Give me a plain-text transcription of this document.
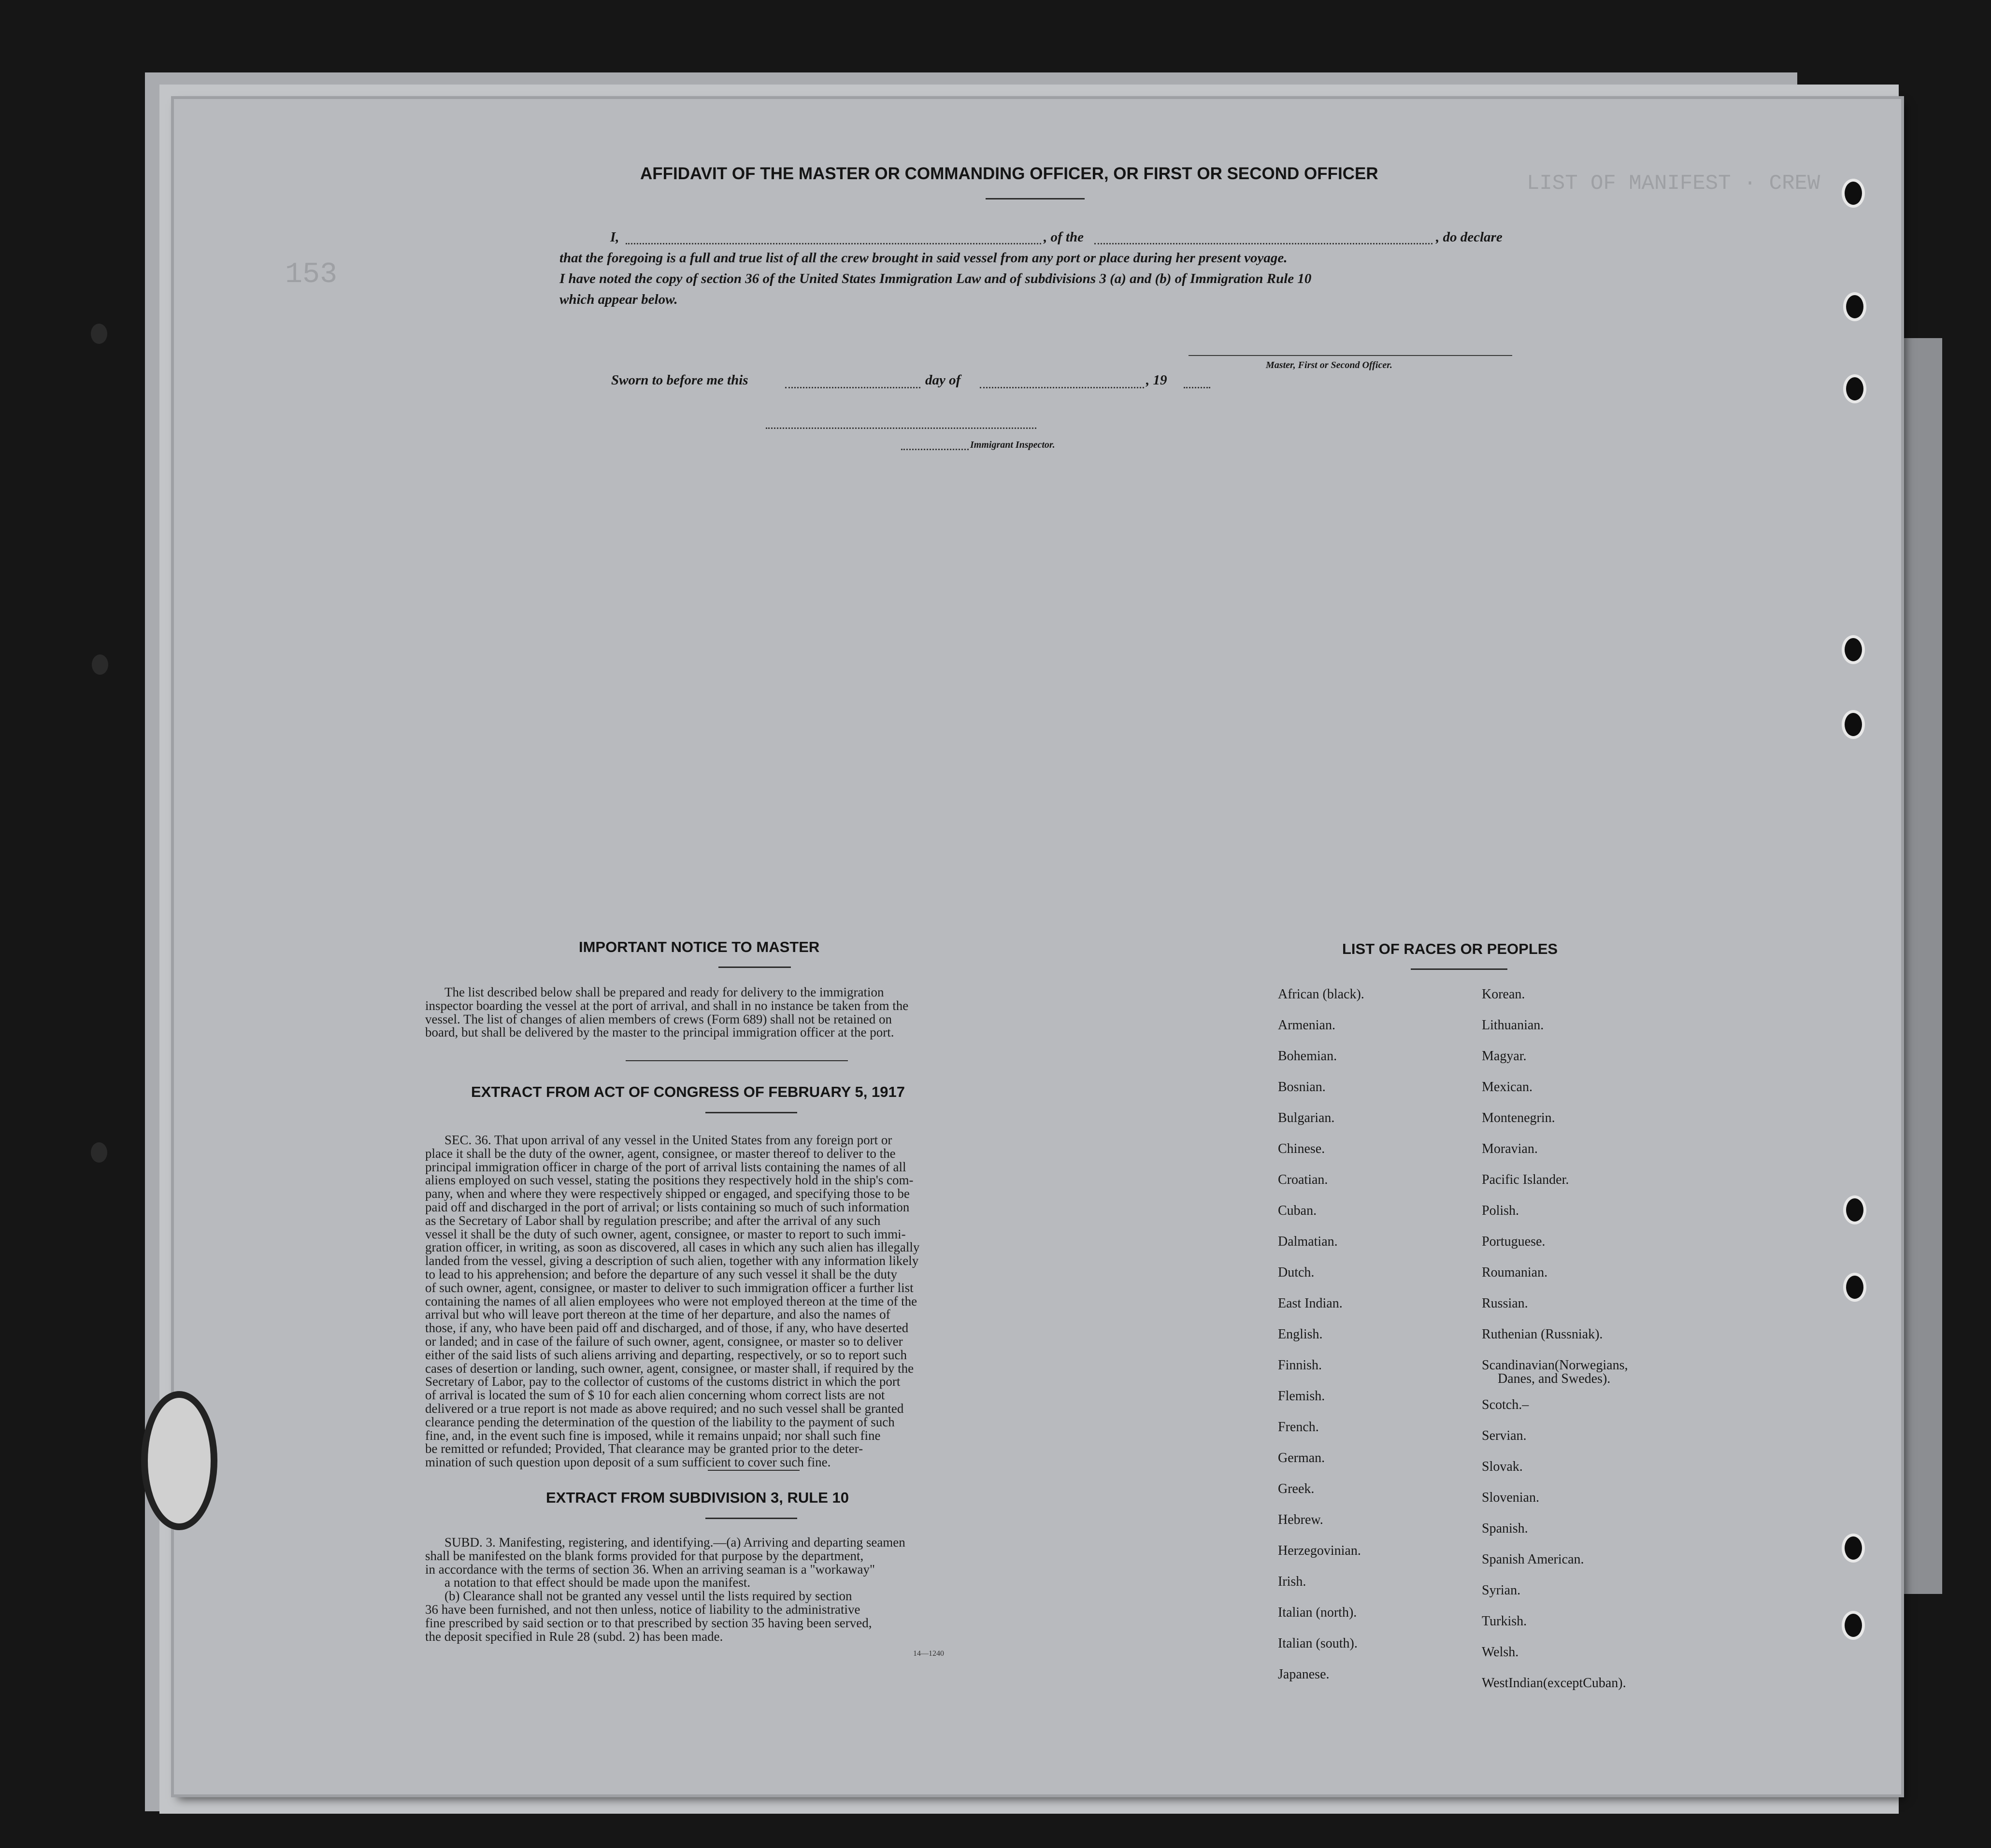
LIST OF MANIFEST · CREW
153
AFFIDAVIT OF THE MASTER OR COMMANDING OFFICER, OR FIRST OR SECOND OFFICER
I,	, of the	, do declare
that the foregoing is a full and true list of all the crew brought in said vessel from any port or place during her present voyage.
I have noted the copy of section 36 of the United States Immigration Law and of subdivisions 3 (a) and (b) of Immigration Rule 10
which appear below.
Master, First or Second Officer.
Sworn to before me this	day of	, 19
Immigrant Inspector.
IMPORTANT NOTICE TO MASTER
The list described below shall be prepared and ready for delivery to the immigration
inspector boarding the vessel at the port of arrival, and shall in no instance be taken from the
vessel. The list of changes of alien members of crews (Form 689) shall not be retained on
board, but shall be delivered by the master to the principal immigration officer at the port.
EXTRACT FROM ACT OF CONGRESS OF FEBRUARY 5, 1917
SEC. 36. That upon arrival of any vessel in the United States from any foreign port or
place it shall be the duty of the owner, agent, consignee, or master thereof to deliver to the
principal immigration officer in charge of the port of arrival lists containing the names of all
aliens employed on such vessel, stating the positions they respectively hold in the ship's com-
pany, when and where they were respectively shipped or engaged, and specifying those to be
paid off and discharged in the port of arrival; or lists containing so much of such information
as the Secretary of Labor shall by regulation prescribe; and after the arrival of any such
vessel it shall be the duty of such owner, agent, consignee, or master to report to such immi-
gration officer, in writing, as soon as discovered, all cases in which any such alien has illegally
landed from the vessel, giving a description of such alien, together with any information likely
to lead to his apprehension; and before the departure of any such vessel it shall be the duty
of such owner, agent, consignee, or master to deliver to such immigration officer a further list
containing the names of all alien employees who were not employed thereon at the time of the
arrival but who will leave port thereon at the time of her departure, and also the names of
those, if any, who have been paid off and discharged, and of those, if any, who have deserted
or landed; and in case of the failure of such owner, agent, consignee, or master so to deliver
either of the said lists of such aliens arriving and departing, respectively, or so to report such
cases of desertion or landing, such owner, agent, consignee, or master shall, if required by the
Secretary of Labor, pay to the collector of customs of the customs district in which the port
of arrival is located the sum of $ 10 for each alien concerning whom correct lists are not
delivered or a true report is not made as above required; and no such vessel shall be granted
clearance pending the determination of the question of the liability to the payment of such
fine, and, in the event such fine is imposed, while it remains unpaid; nor shall such fine
be remitted or refunded; Provided, That clearance may be granted prior to the deter-
mination of such question upon deposit of a sum sufficient to cover such fine.
EXTRACT FROM SUBDIVISION 3, RULE 10
SUBD. 3. Manifesting, registering, and identifying.—(a) Arriving and departing seamen
shall be manifested on the blank forms provided for that purpose by the department,
in accordance with the terms of section 36. When an arriving seaman is a "workaway"
a notation to that effect should be made upon the manifest.
(b) Clearance shall not be granted any vessel until the lists required by section
36 have been furnished, and not then unless, notice of liability to the administrative
fine prescribed by said section or to that prescribed by section 35 having been served,
the deposit specified in Rule 28 (subd. 2) has been made.
14—1240
LIST OF RACES OR PEOPLES
African (black).
Armenian.
Bohemian.
Bosnian.
Bulgarian.
Chinese.
Croatian.
Cuban.
Dalmatian.
Dutch.
East Indian.
English.
Finnish.
Flemish.
French.
German.
Greek.
Hebrew.
Herzegovinian.
Irish.
Italian (north).
Italian (south).
Japanese.
Korean.
Lithuanian.
Magyar.
Mexican.
Montenegrin.
Moravian.
Pacific Islander.
Polish.
Portuguese.
Roumanian.
Russian.
Ruthenian (Russniak).
Scandinavian(Norwegians,
Danes, and Swedes).
Scotch.–
Servian.
Slovak.
Slovenian.
Spanish.
Spanish American.
Syrian.
Turkish.
Welsh.
WestIndian(exceptCuban).
